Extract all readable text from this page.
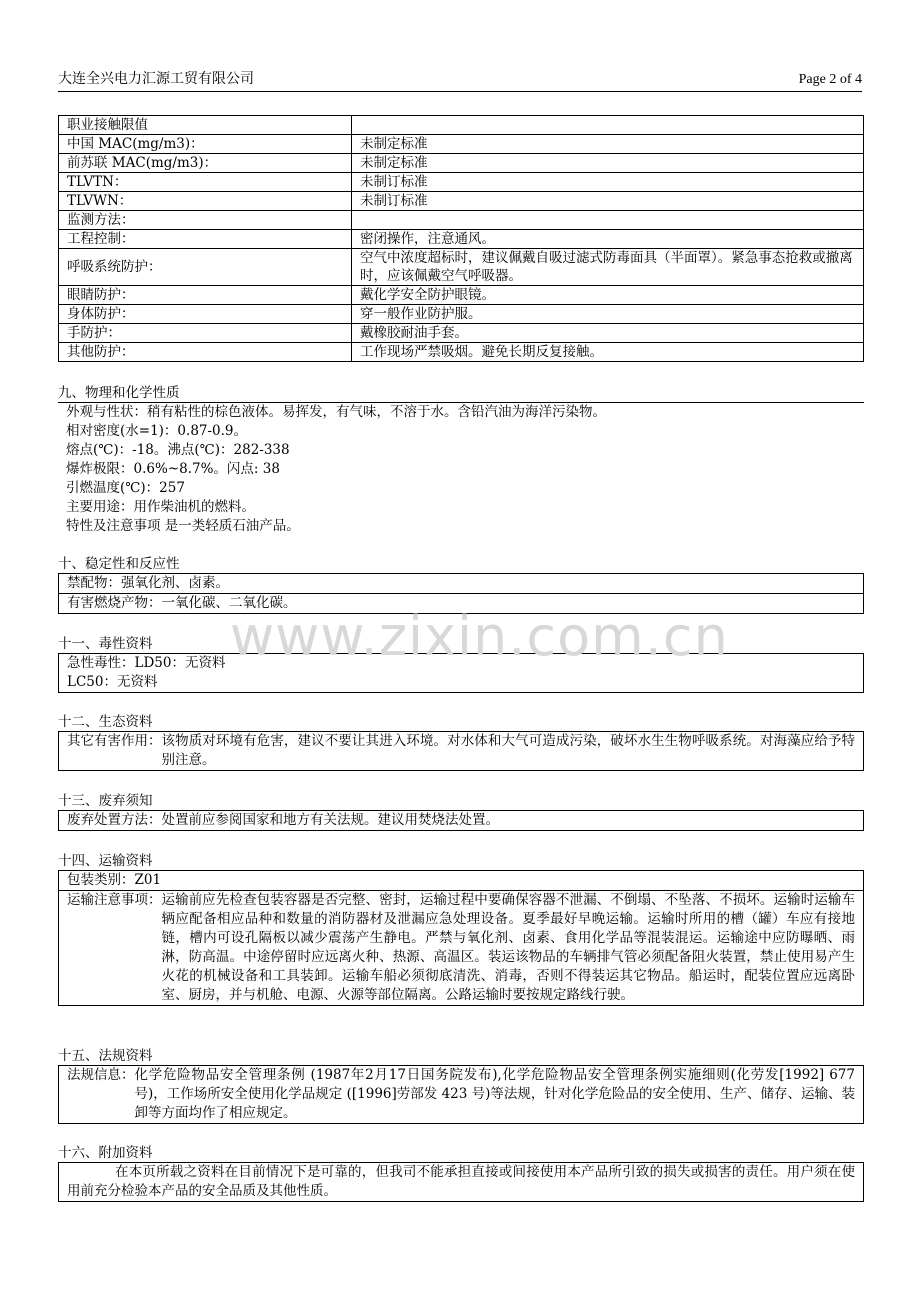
大连全兴电力汇源工贸有限公司	Page 2 of 4
职业接触限值	
中国 MAC(mg/m3)：	未制定标准
前苏联 MAC(mg/m3)：	未制定标准
TLVTN：	未制订标准
TLVWN：	未制订标准
监测方法：	
工程控制：	密闭操作，注意通风。
呼吸系统防护：	空气中浓度超标时，建议佩戴自吸过滤式防毒面具（半面罩）。紧急事态抢救或撤离时，应该佩戴空气呼吸器。
眼睛防护：	戴化学安全防护眼镜。
身体防护：	穿一般作业防护服。
手防护：	戴橡胶耐油手套。
其他防护：	工作现场严禁吸烟。避免长期反复接触。
九、物理和化学性质
外观与性状：稍有粘性的棕色液体。易挥发，有气味，不溶于水。含铅汽油为海洋污染物。
相对密度(水=1)：0.87-0.9。
熔点(℃)：-18。沸点(℃)：282-338
爆炸极限：0.6%~8.7%。闪点: 38
引燃温度(℃)：257
主要用途：用作柴油机的燃料。
特性及注意事项 是一类轻质石油产品。
十、稳定性和反应性
禁配物：强氧化剂、卤素。
有害燃烧产物：一氧化碳、二氧化碳。
十一、毒性资料
急性毒性：LD50：无资料
LC50：无资料
十二、生态资料
其它有害作用： 该物质对环境有危害，建议不要让其进入环境。对水体和大气可造成污染，破坏水生生物呼吸系统。对海藻应给予特别注意。
十三、废弃须知
废弃处置方法：处置前应参阅国家和地方有关法规。建议用焚烧法处置。
十四、运输资料
包装类别：Z01
运输注意事项： 运输前应先检查包装容器是否完整、密封，运输过程中要确保容器不泄漏、不倒塌、不坠落、不损坏。运输时运输车辆应配备相应品种和数量的消防器材及泄漏应急处理设备。夏季最好早晚运输。运输时所用的槽（罐）车应有接地链，槽内可设孔隔板以减少震荡产生静电。严禁与氧化剂、卤素、食用化学品等混装混运。运输途中应防曝晒、雨淋，防高温。中途停留时应远离火种、热源、高温区。装运该物品的车辆排气管必须配备阻火装置，禁止使用易产生火花的机械设备和工具装卸。运输车船必须彻底清洗、消毒，否则不得装运其它物品。船运时，配装位置应远离卧室、厨房，并与机舱、电源、火源等部位隔离。公路运输时要按规定路线行驶。
十五、法规资料
法规信息： 化学危险物品安全管理条例 (1987年2月17日国务院发布),化学危险物品安全管理条例实施细则(化劳发[1992] 677 号)，工作场所安全使用化学品规定 ([1996]劳部发 423 号)等法规，针对化学危险品的安全使用、生产、储存、运输、装卸等方面均作了相应规定。
十六、附加资料
在本页所载之资料在目前情况下是可靠的，但我司不能承担直接或间接使用本产品所引致的损失或损害的责任。用户须在使用前充分检验本产品的安全品质及其他性质。
www.zixin.com.cn
